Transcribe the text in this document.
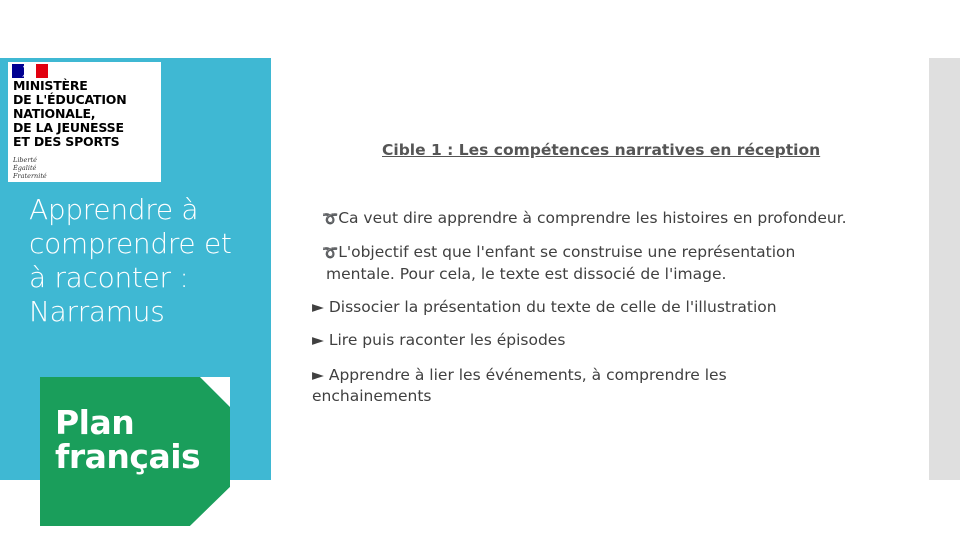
MINISTÈRE
DE L'ÉDUCATION
NATIONALE,
DE LA JEUNESSE
ET DES SPORTS
Liberté
Égalité
Fraternité
Apprendre à
comprendre et
à raconter :
Narramus
Plan
français
Cible 1 : Les compétences narratives en réception
➰Ca veut dire apprendre à comprendre les histoires en profondeur.
➰L'objectif est que l'enfant se construise une représentation
mentale. Pour cela, le texte est dissocié de l'image.
► Dissocier la présentation du texte de celle de l'illustration
► Lire puis raconter les épisodes
► Apprendre à lier les événements, à comprendre les enchainements
